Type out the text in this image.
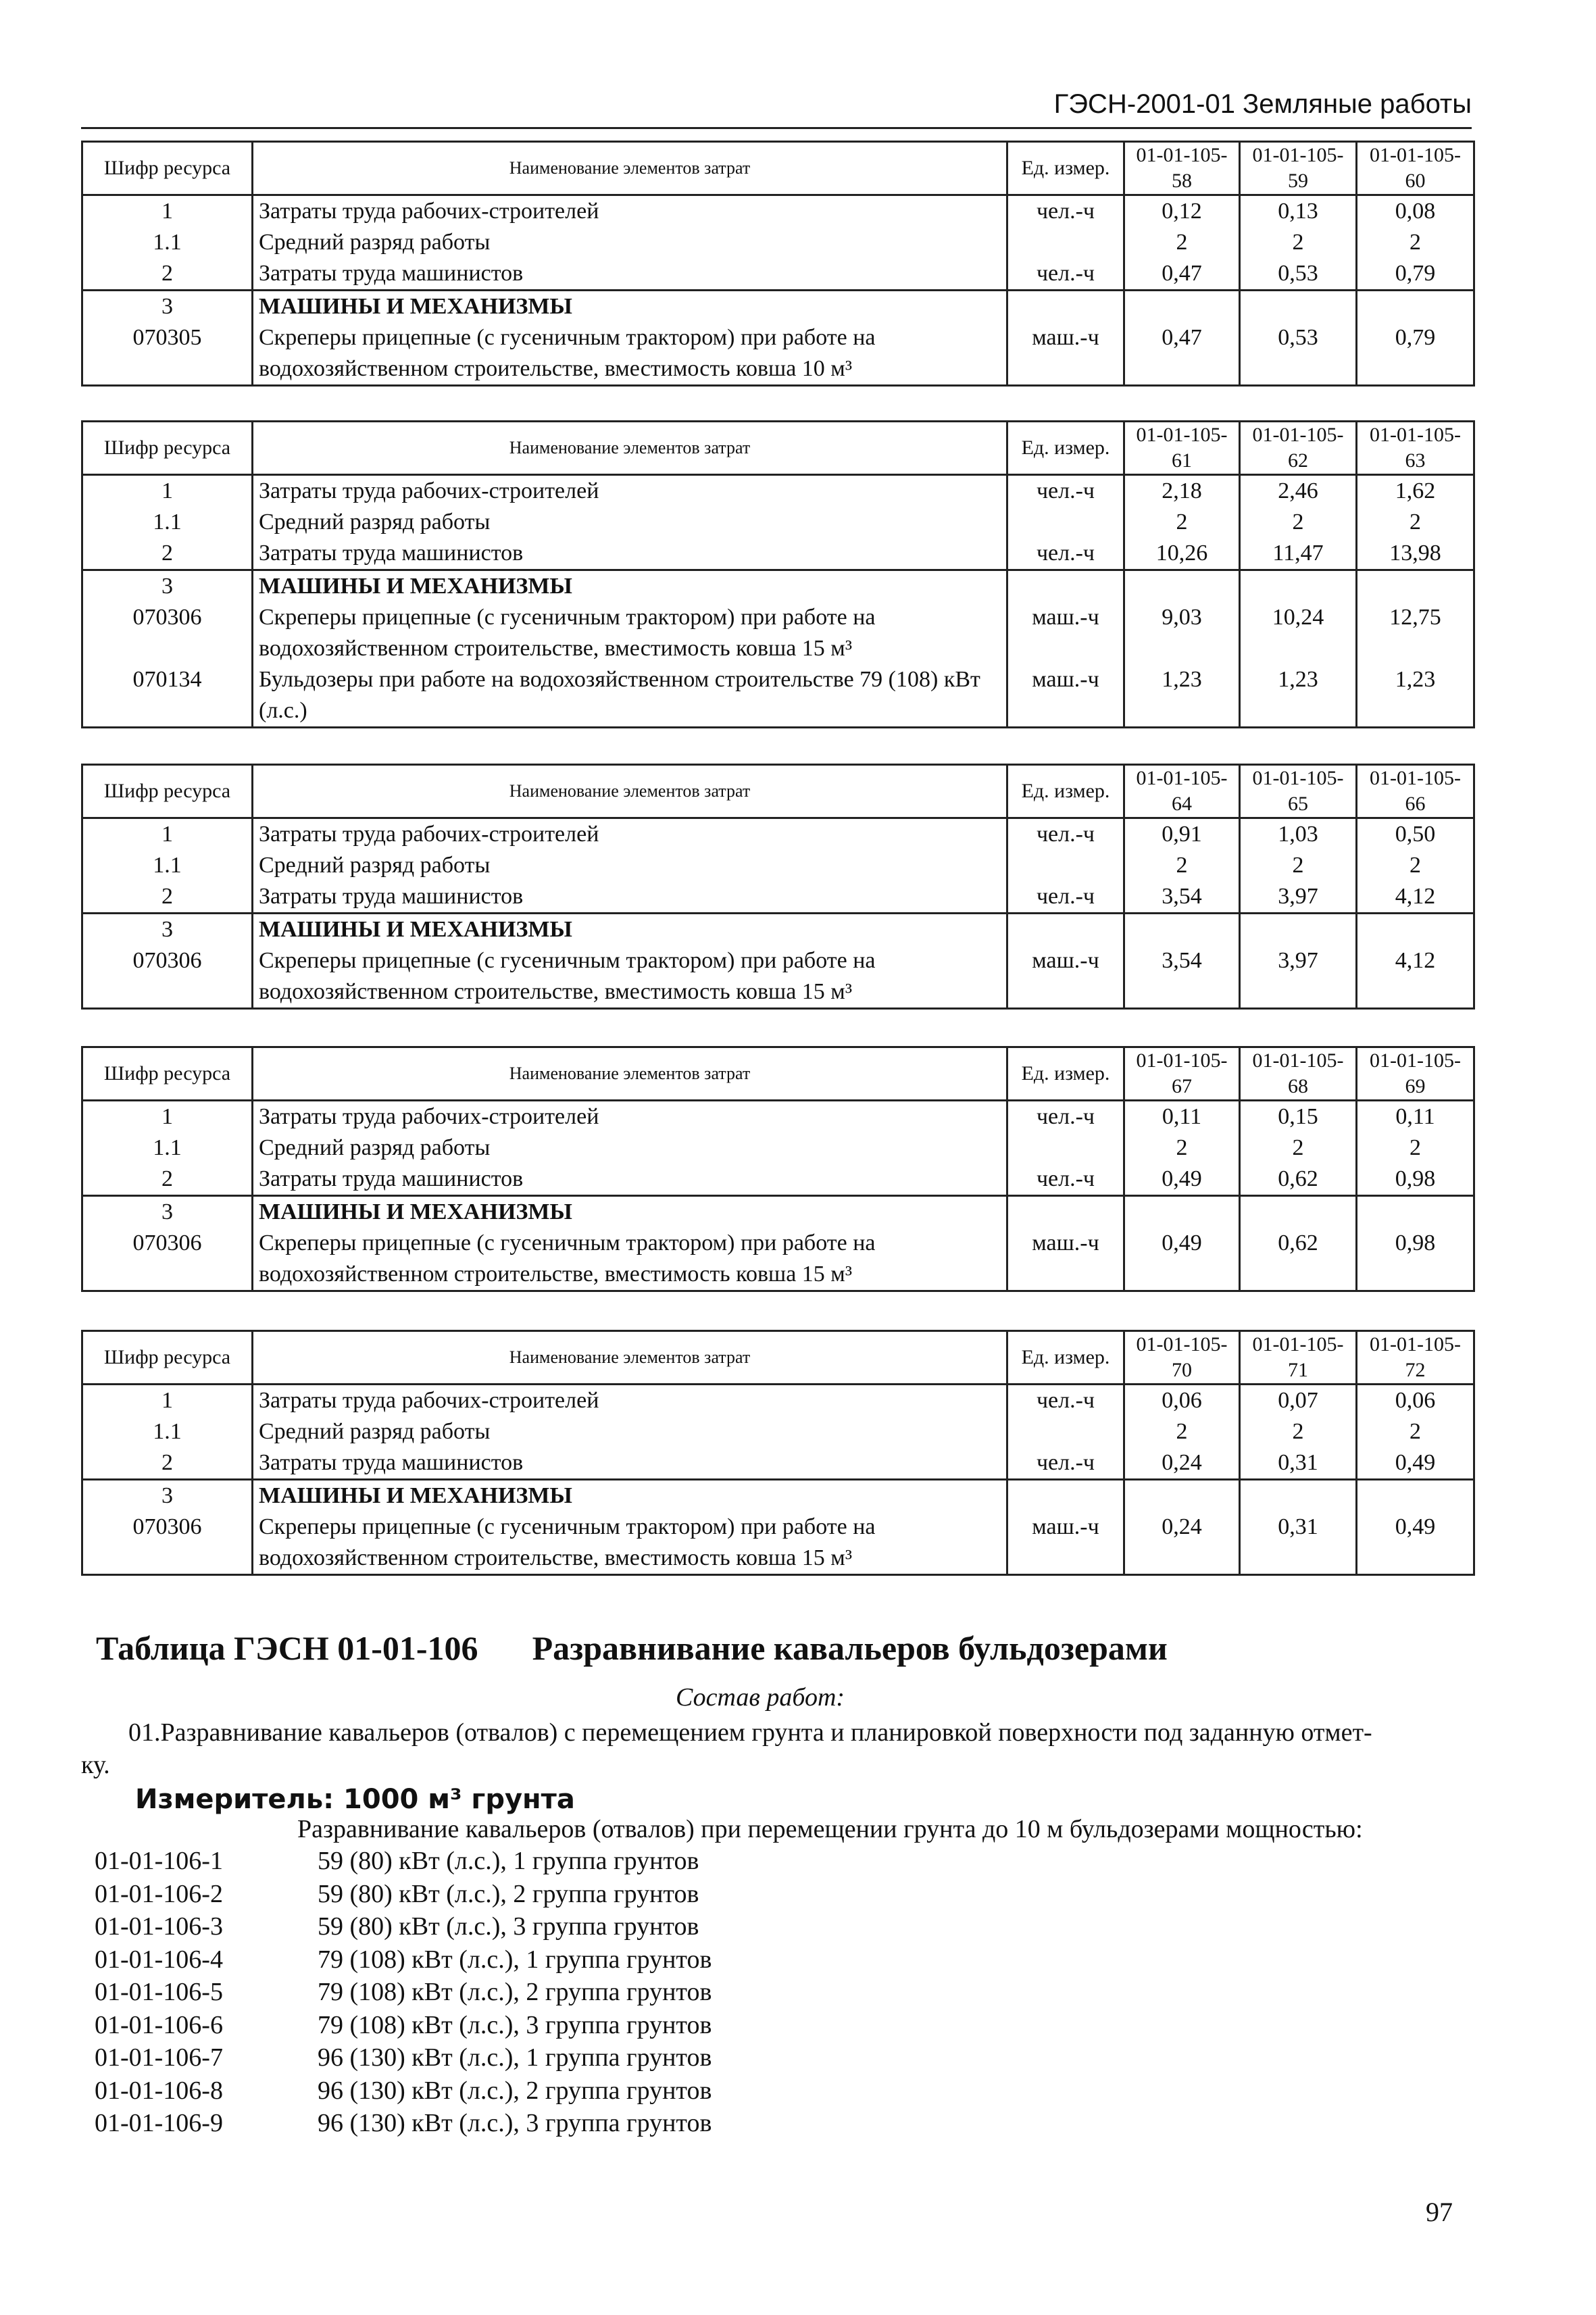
ГЭСН-2001-01 Земляные работы
Шифр ресурса	Наименование элементов затрат	Ед. измер.	01-01-105-58	01-01-105-59	01-01-105-60
1	Затраты труда рабочих-строителей	чел.-ч	0,12	0,13	0,08
1.1	Средний разряд работы		2	2	2
2	Затраты труда машинистов	чел.-ч	0,47	0,53	0,79
3	МАШИНЫ И МЕХАНИЗМЫ				
070305	Скреперы прицепные (с гусеничным трактором) при работе на водохозяйственном строительстве, вместимость ковша 10 м³	маш.-ч	0,47	0,53	0,79
Шифр ресурса	Наименование элементов затрат	Ед. измер.	01-01-105-61	01-01-105-62	01-01-105-63
1	Затраты труда рабочих-строителей	чел.-ч	2,18	2,46	1,62
1.1	Средний разряд работы		2	2	2
2	Затраты труда машинистов	чел.-ч	10,26	11,47	13,98
3	МАШИНЫ И МЕХАНИЗМЫ				
070306	Скреперы прицепные (с гусеничным трактором) при работе на водохозяйственном строительстве, вместимость ковша 15 м³	маш.-ч	9,03	10,24	12,75
070134	Бульдозеры при работе на водохозяйственном строительстве 79 (108) кВт (л.с.)	маш.-ч	1,23	1,23	1,23
Шифр ресурса	Наименование элементов затрат	Ед. измер.	01-01-105-64	01-01-105-65	01-01-105-66
1	Затраты труда рабочих-строителей	чел.-ч	0,91	1,03	0,50
1.1	Средний разряд работы		2	2	2
2	Затраты труда машинистов	чел.-ч	3,54	3,97	4,12
3	МАШИНЫ И МЕХАНИЗМЫ				
070306	Скреперы прицепные (с гусеничным трактором) при работе на водохозяйственном строительстве, вместимость ковша 15 м³	маш.-ч	3,54	3,97	4,12
Шифр ресурса	Наименование элементов затрат	Ед. измер.	01-01-105-67	01-01-105-68	01-01-105-69
1	Затраты труда рабочих-строителей	чел.-ч	0,11	0,15	0,11
1.1	Средний разряд работы		2	2	2
2	Затраты труда машинистов	чел.-ч	0,49	0,62	0,98
3	МАШИНЫ И МЕХАНИЗМЫ				
070306	Скреперы прицепные (с гусеничным трактором) при работе на водохозяйственном строительстве, вместимость ковша 15 м³	маш.-ч	0,49	0,62	0,98
Шифр ресурса	Наименование элементов затрат	Ед. измер.	01-01-105-70	01-01-105-71	01-01-105-72
1	Затраты труда рабочих-строителей	чел.-ч	0,06	0,07	0,06
1.1	Средний разряд работы		2	2	2
2	Затраты труда машинистов	чел.-ч	0,24	0,31	0,49
3	МАШИНЫ И МЕХАНИЗМЫ				
070306	Скреперы прицепные (с гусеничным трактором) при работе на водохозяйственном строительстве, вместимость ковша 15 м³	маш.-ч	0,24	0,31	0,49
Таблица ГЭСН 01-01-106 Разравнивание кавальеров бульдозерами
Состав работ:
01.Разравнивание кавальеров (отвалов) с перемещением грунта и планировкой поверхности под заданную отмет-
ку.
Измеритель: 1000 м³ грунта
Разравнивание кавальеров (отвалов) при перемещении грунта до 10 м бульдозерами мощностью:
01-01-106-1	59 (80) кВт (л.с.), 1 группа грунтов
01-01-106-2	59 (80) кВт (л.с.), 2 группа грунтов
01-01-106-3	59 (80) кВт (л.с.), 3 группа грунтов
01-01-106-4	79 (108) кВт (л.с.), 1 группа грунтов
01-01-106-5	79 (108) кВт (л.с.), 2 группа грунтов
01-01-106-6	79 (108) кВт (л.с.), 3 группа грунтов
01-01-106-7	96 (130) кВт (л.с.), 1 группа грунтов
01-01-106-8	96 (130) кВт (л.с.), 2 группа грунтов
01-01-106-9	96 (130) кВт (л.с.), 3 группа грунтов
97
